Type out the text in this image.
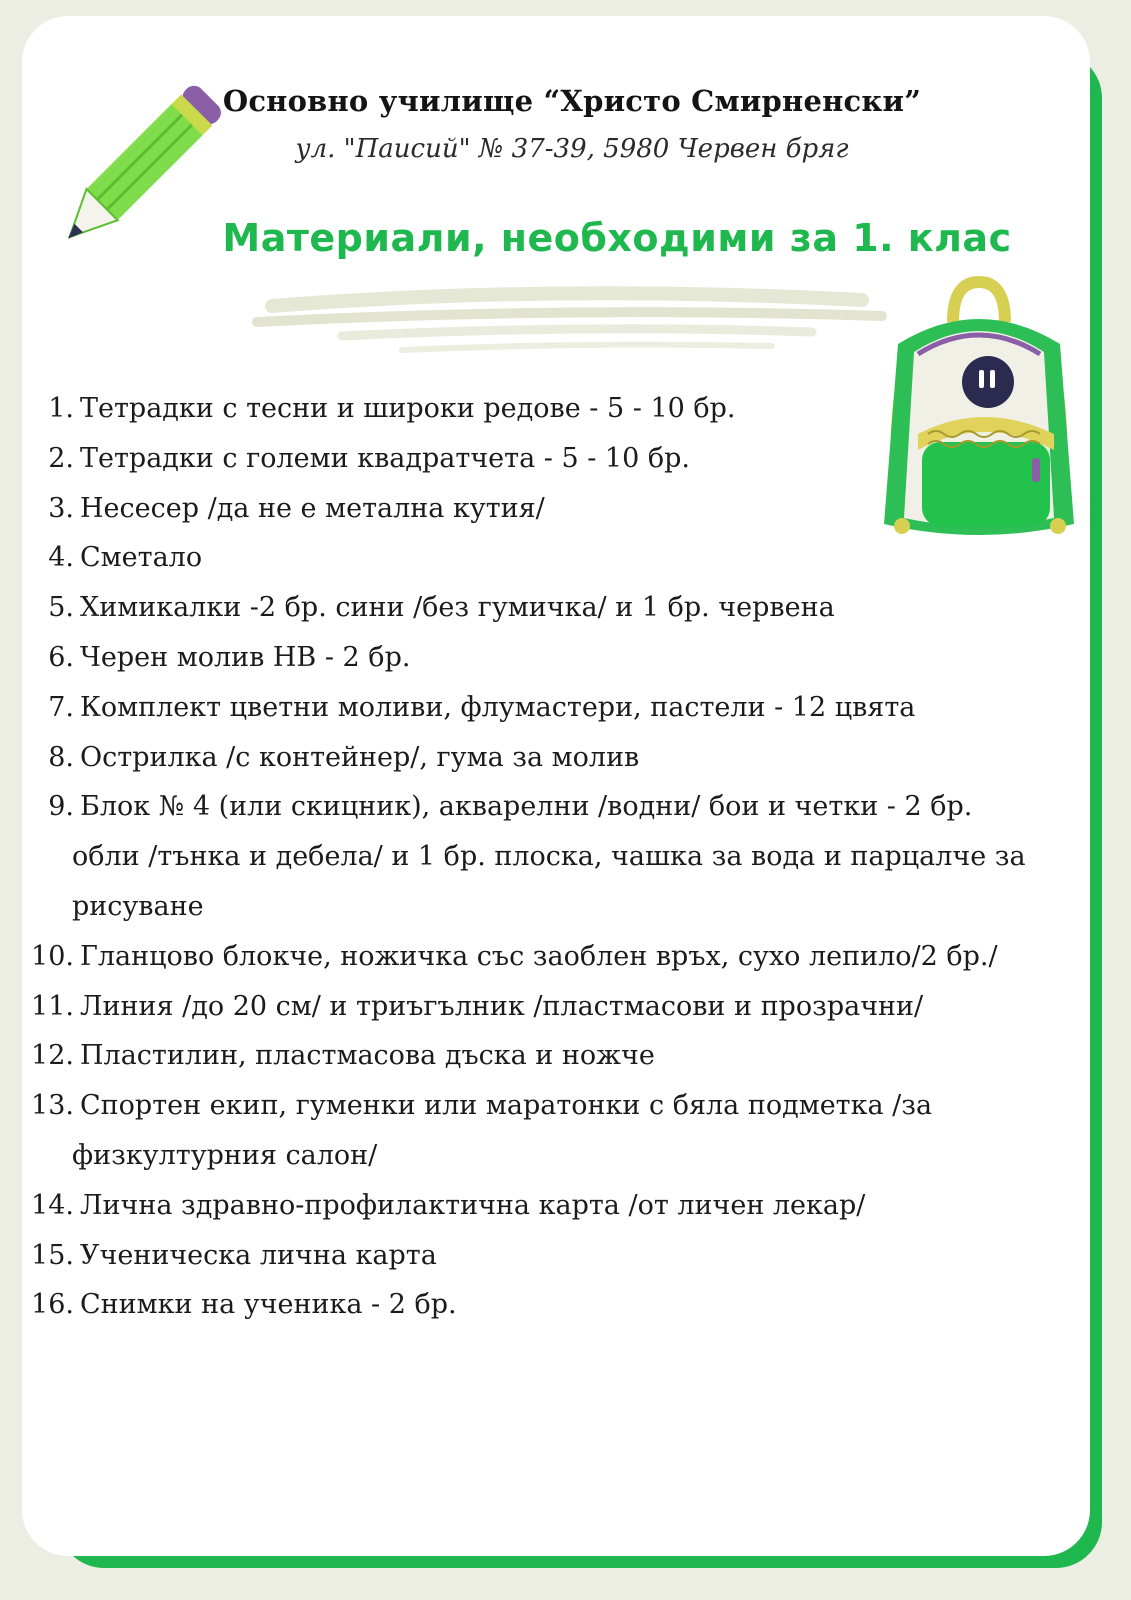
Основно училище “Христо Смирненски”
ул. "Паисий" № 37-39, 5980 Червен бряг
Материали, необходими за 1. клас
1. Тетрадки с тесни и широки редове - 5 - 10 бр.
2. Тетрадки с големи квадратчета - 5 - 10 бр.
3. Несесер /да не е метална кутия/
4. Сметало
5. Химикалки -2 бр. сини /без гумичка/ и 1 бр. червена
6. Черен молив НВ - 2 бр.
7. Комплект цветни моливи, флумастери, пастели - 12 цвята
8. Острилка /с контейнер/, гума за молив
9. Блок № 4 (или скицник), акварелни /водни/ бои и четки - 2 бр.
обли /тънка и дебела/ и 1 бр. плоска, чашка за вода и парцалче за
рисуване
10. Гланцово блокче, ножичка със заоблен връх, сухо лепило/2 бр./
11. Линия /до 20 см/ и триъгълник /пластмасови и прозрачни/
12. Пластилин, пластмасова дъска и ножче
13. Спортен екип, гуменки или маратонки с бяла подметка /за
физкултурния салон/
14. Лична здравно-профилактична карта /от личен лекар/
15. Ученическа лична карта
16. Снимки на ученика - 2 бр.
